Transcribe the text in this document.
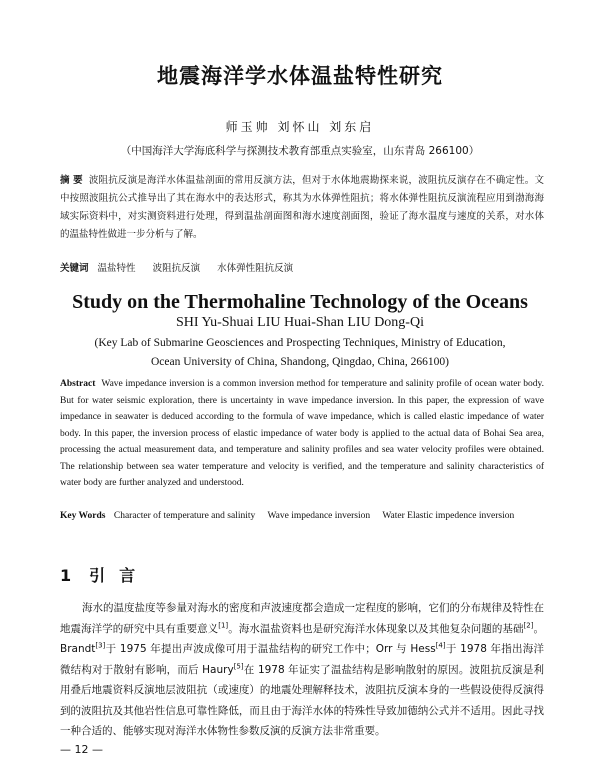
地震海洋学水体温盐特性研究
师玉帅 刘怀山 刘东启
（中国海洋大学海底科学与探测技术教育部重点实验室，山东青岛 266100）
摘 要 波阻抗反演是海洋水体温盐剖面的常用反演方法，但对于水体地震勘探来说，波阻抗反演存在不确定性。文中按照波阻抗公式推导出了其在海水中的表达形式，称其为水体弹性阻抗；将水体弹性阻抗反演流程应用到渤海海域实际资料中，对实测资料进行处理，得到温盐剖面图和海水速度剖面图，验证了海水温度与速度的关系，对水体的温盐特性做进一步分析与了解。
关键词 温盐特性 波阻抗反演 水体弹性阻抗反演
Study on the Thermohaline Technology of the Oceans
SHI Yu-Shuai LIU Huai-Shan LIU Dong-Qi
(Key Lab of Submarine Geosciences and Prospecting Techniques, Ministry of Education,
Ocean University of China, Shandong, Qingdao, China, 266100)
Abstract Wave impedance inversion is a common inversion method for temperature and salinity profile of ocean water body. But for water seismic exploration, there is uncertainty in wave impedance inversion. In this paper, the expression of wave impedance in seawater is deduced according to the formula of wave impedance, which is called elastic impedance of water body. In this paper, the inversion process of elastic impedance of water body is applied to the actual data of Bohai Sea area, processing the actual measurement data, and temperature and salinity profiles and sea water velocity profiles were obtained. The relationship between sea water temperature and velocity is verified, and the temperature and salinity characteristics of water body are further analyzed and understood.
Key Words Character of temperature and salinity Wave impedance inversion Water Elastic impedence inversion
1 引 言
海水的温度盐度等参量对海水的密度和声波速度都会造成一定程度的影响，它们的分布规律及特性在地震海洋学的研究中具有重要意义[1]。海水温盐资料也是研究海洋水体现象以及其他复杂问题的基础[2]。Brandt[3]于 1975 年提出声波成像可用于温盐结构的研究工作中；Orr 与 Hess[4]于 1978 年指出海洋微结构对于散射有影响，而后 Haury[5]在 1978 年证实了温盐结构是影响散射的原因。波阻抗反演是利用叠后地震资料反演地层波阻抗（或速度）的地震处理解释技术，波阻抗反演本身的一些假设使得反演得到的波阻抗及其他岩性信息可靠性降低，而且由于海洋水体的特殊性导致加德纳公式并不适用。因此寻找一种合适的、能够实现对海洋水体物性参数反演的反演方法非常重要。
— 12 —
